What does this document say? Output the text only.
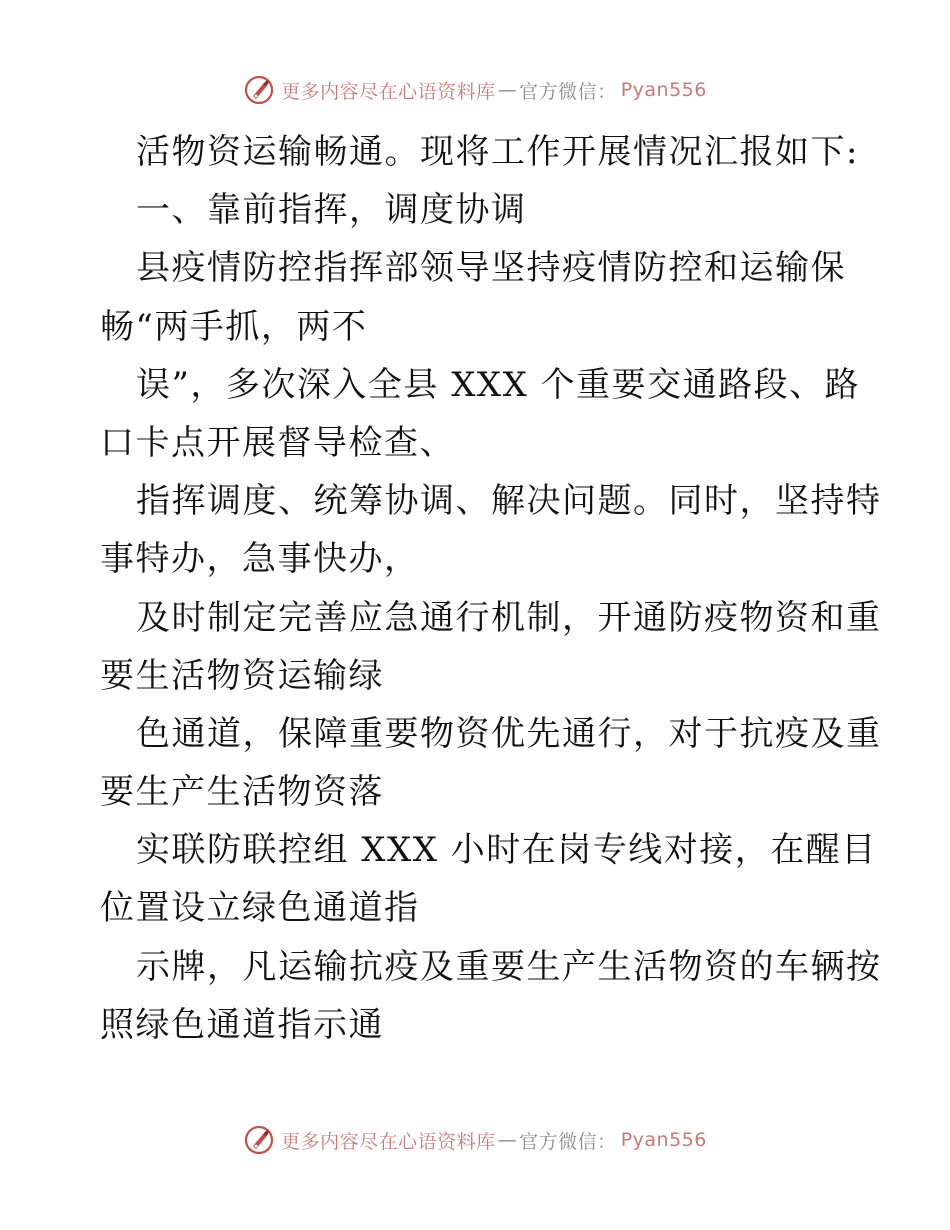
更多内容尽在心语资料库 — 官方微信： Pyan556
活物资运输畅通。现将工作开展情况汇报如下:
一、靠前指挥，调度协调
县疫情防控指挥部领导坚持疫情防控和运输保
畅“两手抓，两不
误”，多次深入全县 XXX 个重要交通路段、路
口卡点开展督导检查、
指挥调度、统筹协调、解决问题。同时，坚持特
事特办，急事快办，
及时制定完善应急通行机制，开通防疫物资和重
要生活物资运输绿
色通道，保障重要物资优先通行，对于抗疫及重
要生产生活物资落
实联防联控组 XXX 小时在岗专线对接，在醒目
位置设立绿色通道指
示牌，凡运输抗疫及重要生产生活物资的车辆按
照绿色通道指示通
更多内容尽在心语资料库 — 官方微信： Pyan556
